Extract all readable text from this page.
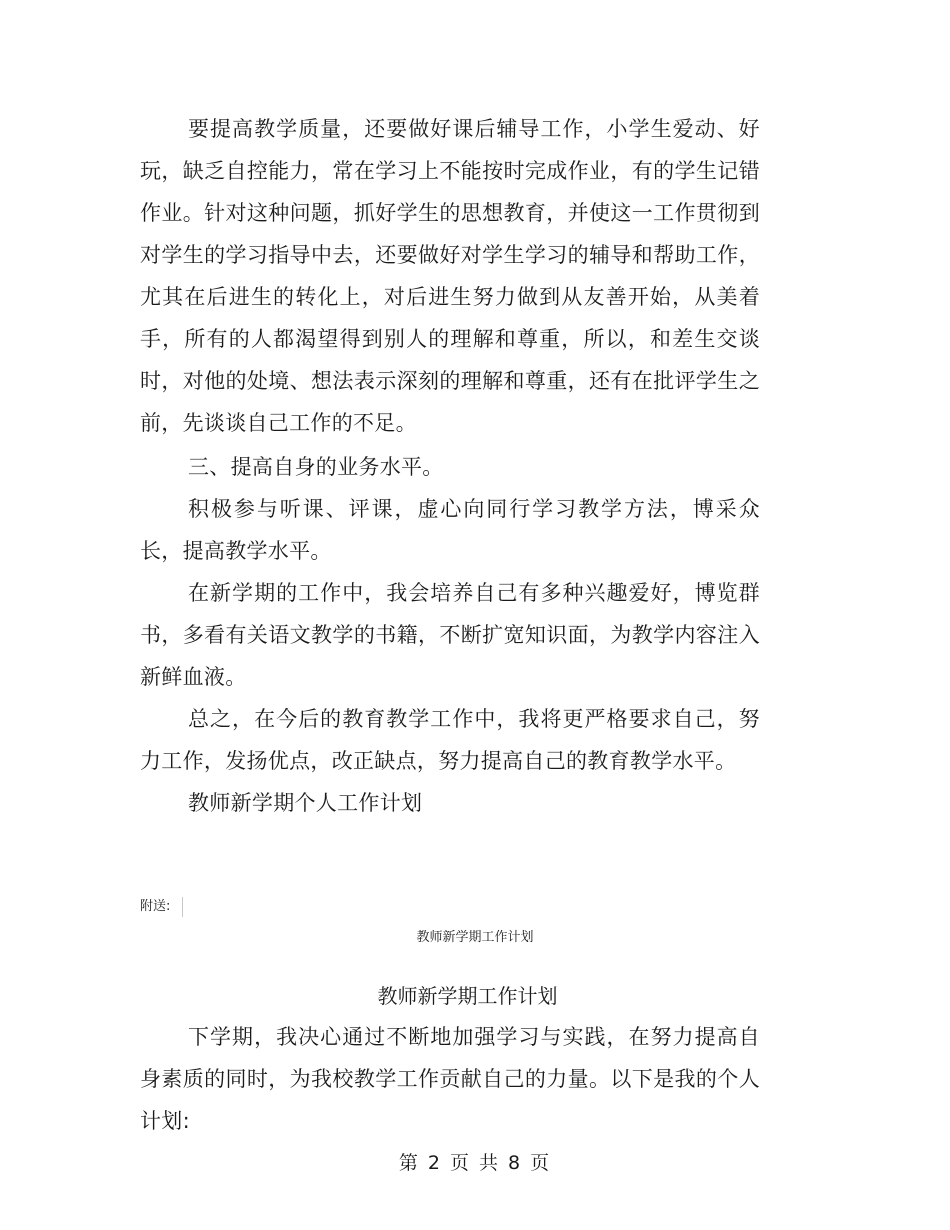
要提高教学质量，还要做好课后辅导工作，小学生爱动、好玩，缺乏自控能力，常在学习上不能按时完成作业，有的学生记错作业。针对这种问题，抓好学生的思想教育，并使这一工作贯彻到对学生的学习指导中去，还要做好对学生学习的辅导和帮助工作，尤其在后进生的转化上，对后进生努力做到从友善开始，从美着手，所有的人都渴望得到别人的理解和尊重，所以，和差生交谈时，对他的处境、想法表示深刻的理解和尊重，还有在批评学生之前，先谈谈自己工作的不足。

三、提高自身的业务水平。

积极参与听课、评课，虚心向同行学习教学方法，博采众长，提高教学水平。

在新学期的工作中，我会培养自己有多种兴趣爱好，博览群书，多看有关语文教学的书籍，不断扩宽知识面，为教学内容注入新鲜血液。

总之，在今后的教育教学工作中，我将更严格要求自己，努力工作，发扬优点，改正缺点，努力提高自己的教育教学水平。

教师新学期个人工作计划

附送:
教师新学期工作计划
教师新学期工作计划

下学期，我决心通过不断地加强学习与实践，在努力提高自身素质的同时，为我校教学工作贡献自己的力量。以下是我的个人计划:

第 2 页 共 8 页
